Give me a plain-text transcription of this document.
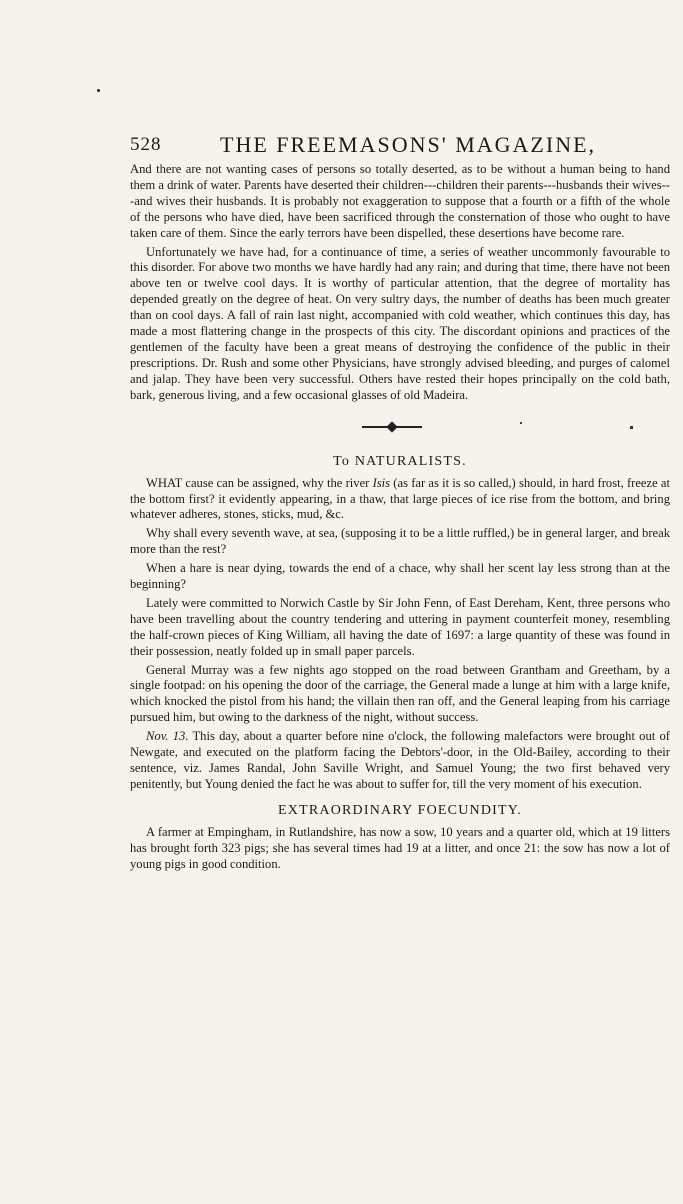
528	THE FREEMASONS' MAGAZINE,

And there are not wanting cases of persons so totally deserted, as to be without a human being to hand them a drink of water. Parents have deserted their children---children their parents---husbands their wives---and wives their husbands. It is probably not exaggeration to suppose that a fourth or a fifth of the whole of the persons who have died, have been sacrificed through the consternation of those who ought to have taken care of them. Since the early terrors have been dispelled, these desertions have become rare.

Unfortunately we have had, for a continuance of time, a series of weather uncommonly favourable to this disorder. For above two months we have hardly had any rain; and during that time, there have not been above ten or twelve cool days. It is worthy of particular attention, that the degree of mortality has depended greatly on the degree of heat. On very sultry days, the number of deaths has been much greater than on cool days. A fall of rain last night, accompanied with cold weather, which continues this day, has made a most flattering change in the prospects of this city. The discordant opinions and practices of the gentlemen of the faculty have been a great means of destroying the confidence of the public in their prescriptions. Dr. Rush and some other Physicians, have strongly advised bleeding, and purges of calomel and jalap. They have been very successful. Others have rested their hopes principally on the cold bath, bark, generous living, and a few occasional glasses of old Madeira.

To NATURALISTS.

WHAT cause can be assigned, why the river Isis (as far as it is so called,) should, in hard frost, freeze at the bottom first? it evidently appearing, in a thaw, that large pieces of ice rise from the bottom, and bring whatever adheres, stones, sticks, mud, &c.

Why shall every seventh wave, at sea, (supposing it to be a little ruffled,) be in general larger, and break more than the rest?

When a hare is near dying, towards the end of a chace, why shall her scent lay less strong than at the beginning?

Lately were committed to Norwich Castle by Sir John Fenn, of East Dereham, Kent, three persons who have been travelling about the country tendering and uttering in payment counterfeit money, resembling the half-crown pieces of King William, all having the date of 1697: a large quantity of these was found in their possession, neatly folded up in small paper parcels.

General Murray was a few nights ago stopped on the road between Grantham and Greetham, by a single footpad: on his opening the door of the carriage, the General made a lunge at him with a large knife, which knocked the pistol from his hand; the villain then ran off, and the General leaping from his carriage pursued him, but owing to the darkness of the night, without success.

Nov. 13. This day, about a quarter before nine o'clock, the following malefactors were brought out of Newgate, and executed on the platform facing the Debtors'-door, in the Old-Bailey, according to their sentence, viz. James Randal, John Saville Wright, and Samuel Young; the two first behaved very penitently, but Young denied the fact he was about to suffer for, till the very moment of his execution.

EXTRAORDINARY FOECUNDITY.

A farmer at Empingham, in Rutlandshire, has now a sow, 10 years and a quarter old, which at 19 litters has brought forth 323 pigs; she has several times had 19 at a litter, and once 21: the sow has now a lot of young pigs in good condition.
